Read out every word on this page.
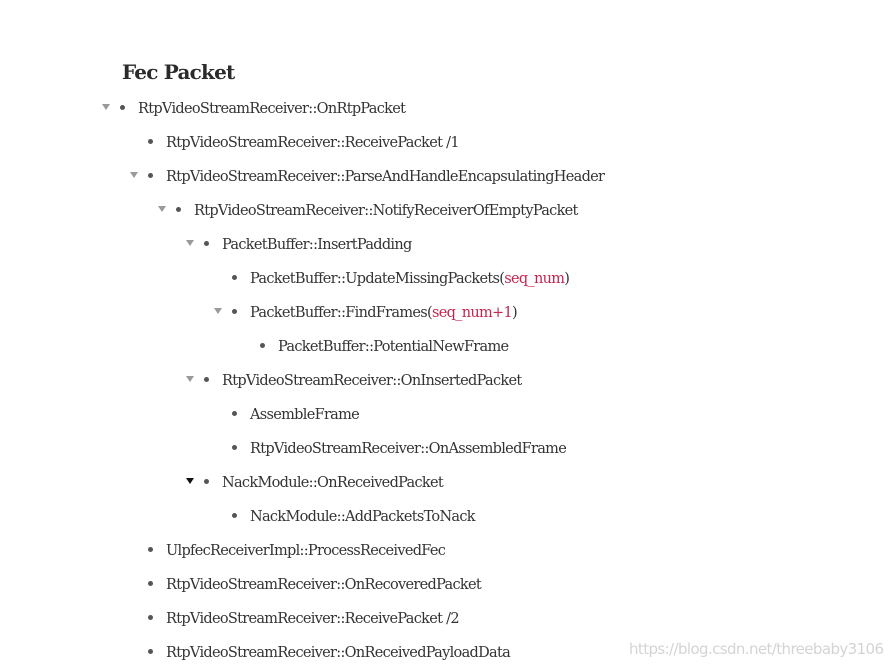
Fec Packet
RtpVideoStreamReceiver::OnRtpPacket
RtpVideoStreamReceiver::ReceivePacket /1
RtpVideoStreamReceiver::ParseAndHandleEncapsulatingHeader
RtpVideoStreamReceiver::NotifyReceiverOfEmptyPacket
PacketBuffer::InsertPadding
PacketBuffer::UpdateMissingPackets(seq_num)
PacketBuffer::FindFrames(seq_num+1)
PacketBuffer::PotentialNewFrame
RtpVideoStreamReceiver::OnInsertedPacket
AssembleFrame
RtpVideoStreamReceiver::OnAssembledFrame
NackModule::OnReceivedPacket
NackModule::AddPacketsToNack
UlpfecReceiverImpl::ProcessReceivedFec
RtpVideoStreamReceiver::OnRecoveredPacket
RtpVideoStreamReceiver::ReceivePacket /2
RtpVideoStreamReceiver::OnReceivedPayloadData	https://blog.csdn.net/threebaby3106
